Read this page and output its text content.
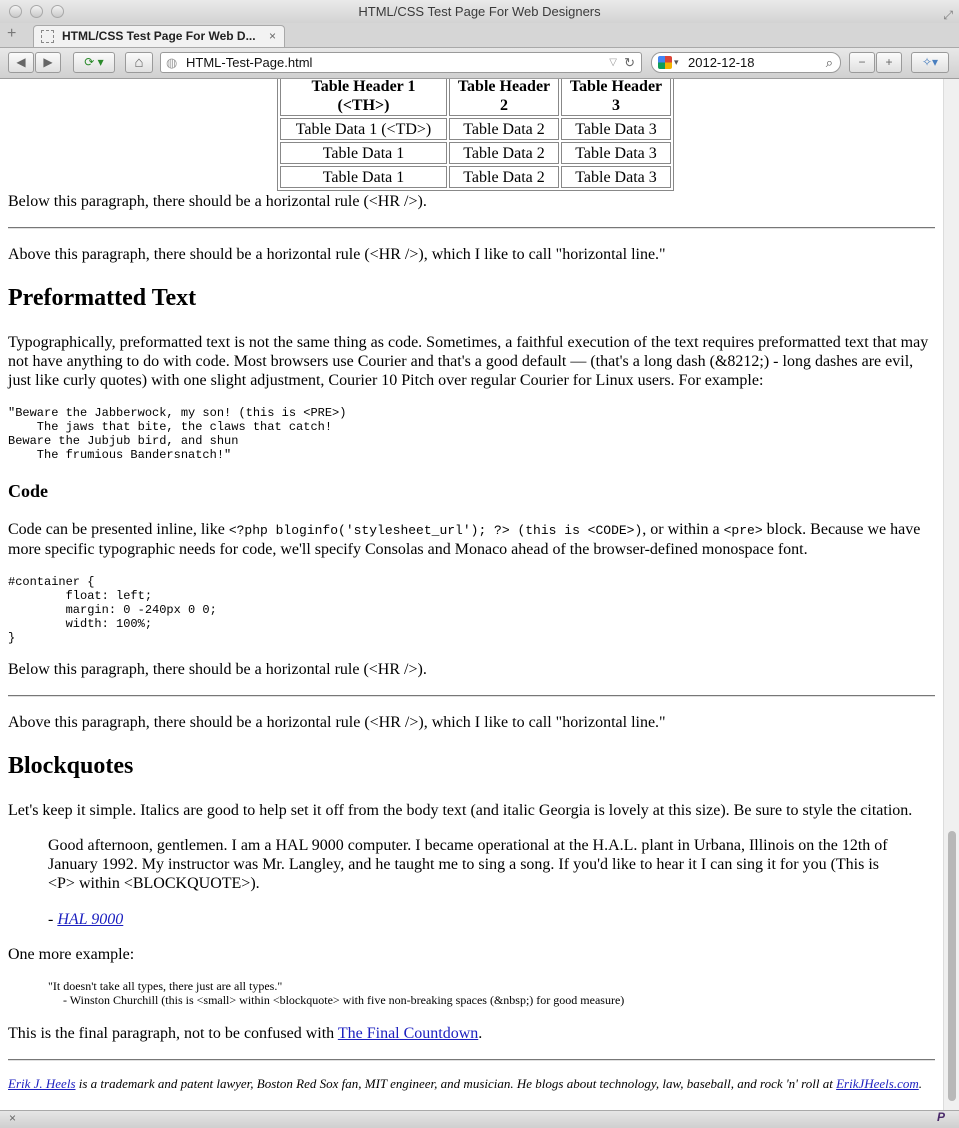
HTML/CSS Test Page For Web Designers	⤢
+	HTML/CSS Test Page For Web D... ×
◀	▶	⟳ ▾	⌂	◍ HTML-Test-Page.html	▽ ↻	▾ 2012-12-18	⌕	−	+	✧▾
Table Header 1 (<TH>)	Table Header 2	Table Header 3
Table Data 1 (<TD>)	Table Data 2	Table Data 3
Table Data 1	Table Data 2	Table Data 3
Table Data 1	Table Data 2	Table Data 3

Below this paragraph, there should be a horizontal rule (<HR />).

Above this paragraph, there should be a horizontal rule (<HR />), which I like to call "horizontal line."

Preformatted Text

Typographically, preformatted text is not the same thing as code. Sometimes, a faithful execution of the text requires preformatted text that may not have anything to do with code. Most browsers use Courier and that's a good default — (that's a long dash (&8212;) - long dashes are evil, just like curly quotes) with one slight adjustment, Courier 10 Pitch over regular Courier for Linux users. For example:

"Beware the Jabberwock, my son! (this is <PRE>)
The jaws that bite, the claws that catch!
Beware the Jubjub bird, and shun
The frumious Bandersnatch!"
Code

Code can be presented inline, like <?php bloginfo('stylesheet_url'); ?> (this is <CODE>), or within a <pre> block. Because we have more specific typographic needs for code, we'll specify Consolas and Monaco ahead of the browser-defined monospace font.

#container {
float: left;
margin: 0 -240px 0 0;
width: 100%;
}

Below this paragraph, there should be a horizontal rule (<HR />).

Above this paragraph, there should be a horizontal rule (<HR />), which I like to call "horizontal line."

Blockquotes

Let's keep it simple. Italics are good to help set it off from the body text (and italic Georgia is lovely at this size). Be sure to style the citation.

Good afternoon, gentlemen. I am a HAL 9000 computer. I became operational at the H.A.L. plant in Urbana, Illinois on the 12th of January 1992. My instructor was Mr. Langley, and he taught me to sing a song. If you'd like to hear it I can sing it for you (This is <P> within <BLOCKQUOTE>).

- HAL 9000

One more example:

"It doesn't take all types, there just are all types."
- Winston Churchill (this is <small> within <blockquote> with five non-breaking spaces (&nbsp;) for good measure)

This is the final paragraph, not to be confused with The Final Countdown.

Erik J. Heels is a trademark and patent lawyer, Boston Red Sox fan, MIT engineer, and musician. He blogs about technology, law, baseball, and rock 'n' roll at ErikJHeels.com.
×	P
